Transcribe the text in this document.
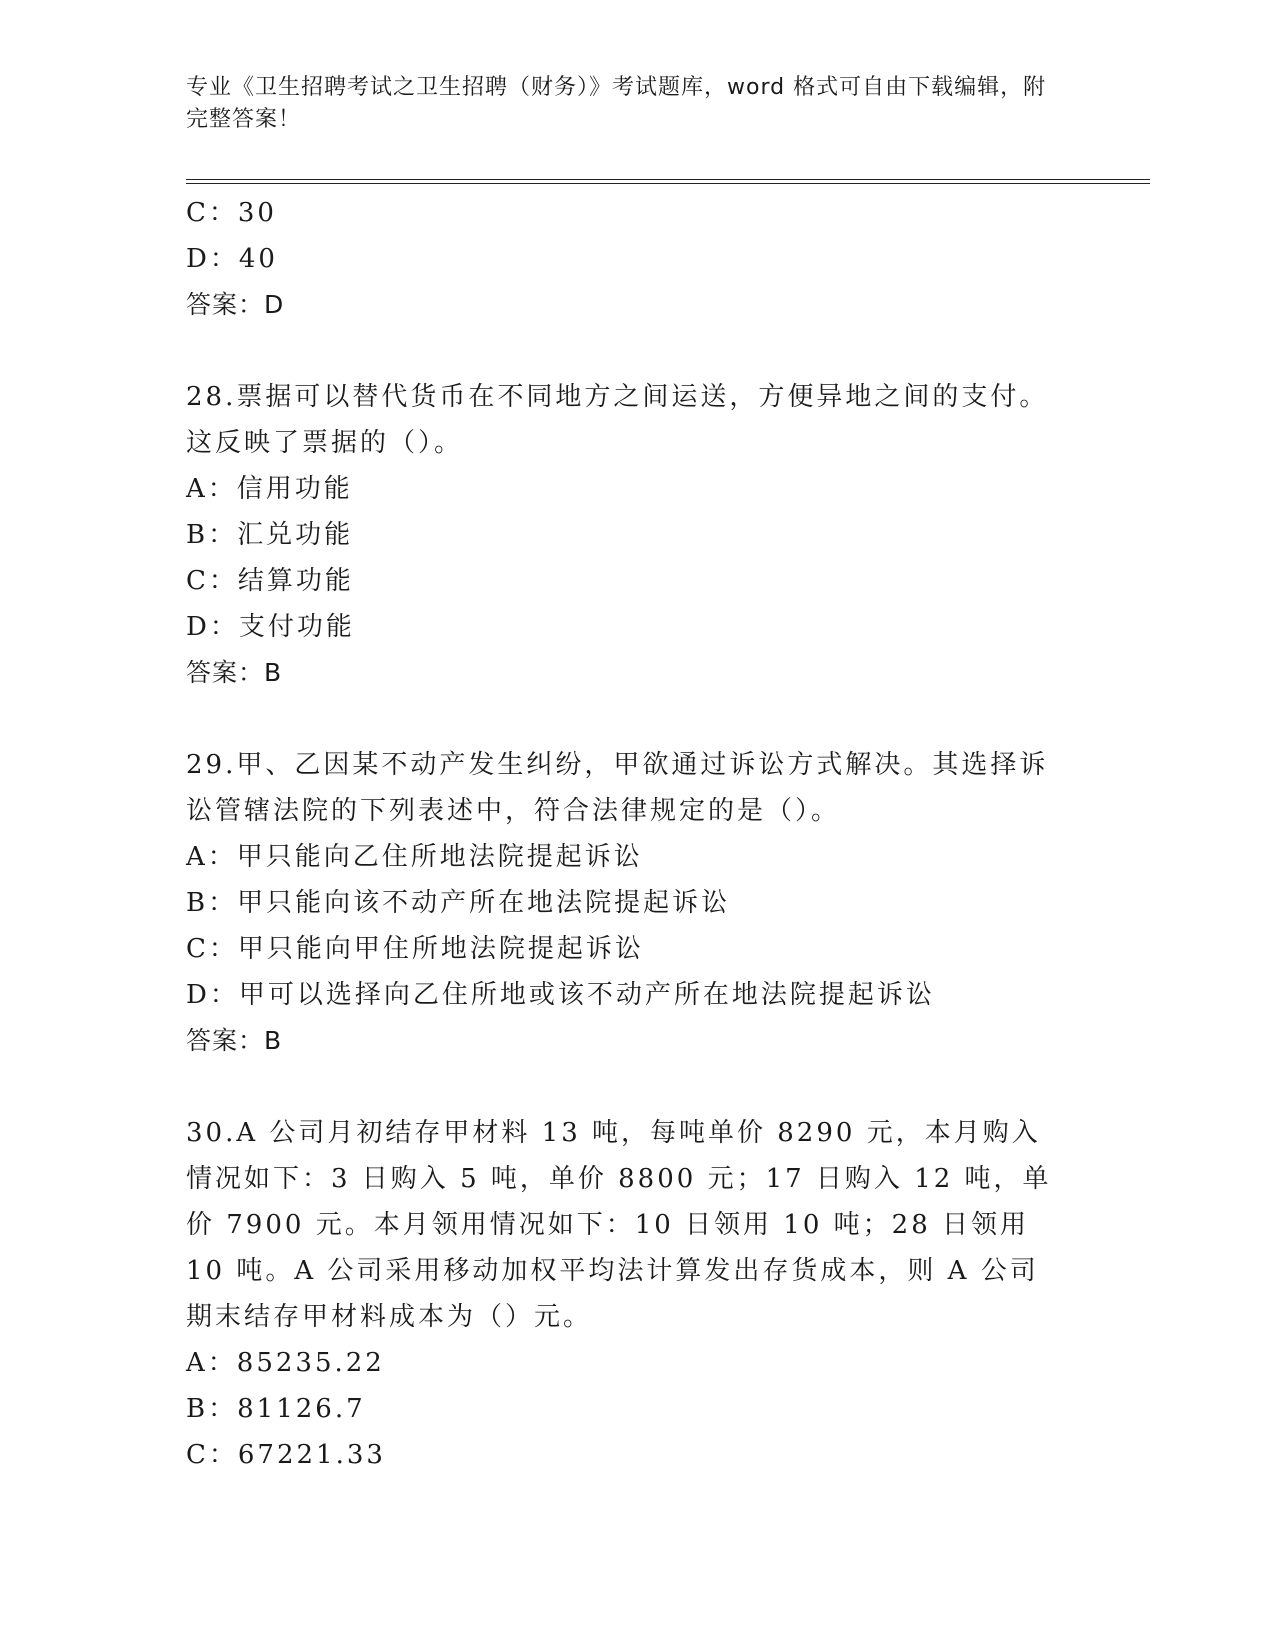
专业《卫生招聘考试之卫生招聘（财务）》考试题库，word 格式可自由下载编辑，附完整答案！
C：30
D：40
答案：D
28.票据可以替代货币在不同地方之间运送，方便异地之间的支付。这反映了票据的（）。
A：信用功能
B：汇兑功能
C：结算功能
D：支付功能
答案：B
29.甲、乙因某不动产发生纠纷，甲欲通过诉讼方式解决。其选择诉讼管辖法院的下列表述中，符合法律规定的是（）。
A：甲只能向乙住所地法院提起诉讼
B：甲只能向该不动产所在地法院提起诉讼
C：甲只能向甲住所地法院提起诉讼
D：甲可以选择向乙住所地或该不动产所在地法院提起诉讼
答案：B
30.A 公司月初结存甲材料 13 吨，每吨单价 8290 元，本月购入情况如下：3 日购入 5 吨，单价 8800 元；17 日购入 12 吨，单价 7900 元。本月领用情况如下：10 日领用 10 吨；28 日领用 10 吨。A 公司采用移动加权平均法计算发出存货成本，则 A 公司期末结存甲材料成本为（）元。
A：85235.22
B：81126.7
C：67221.33
